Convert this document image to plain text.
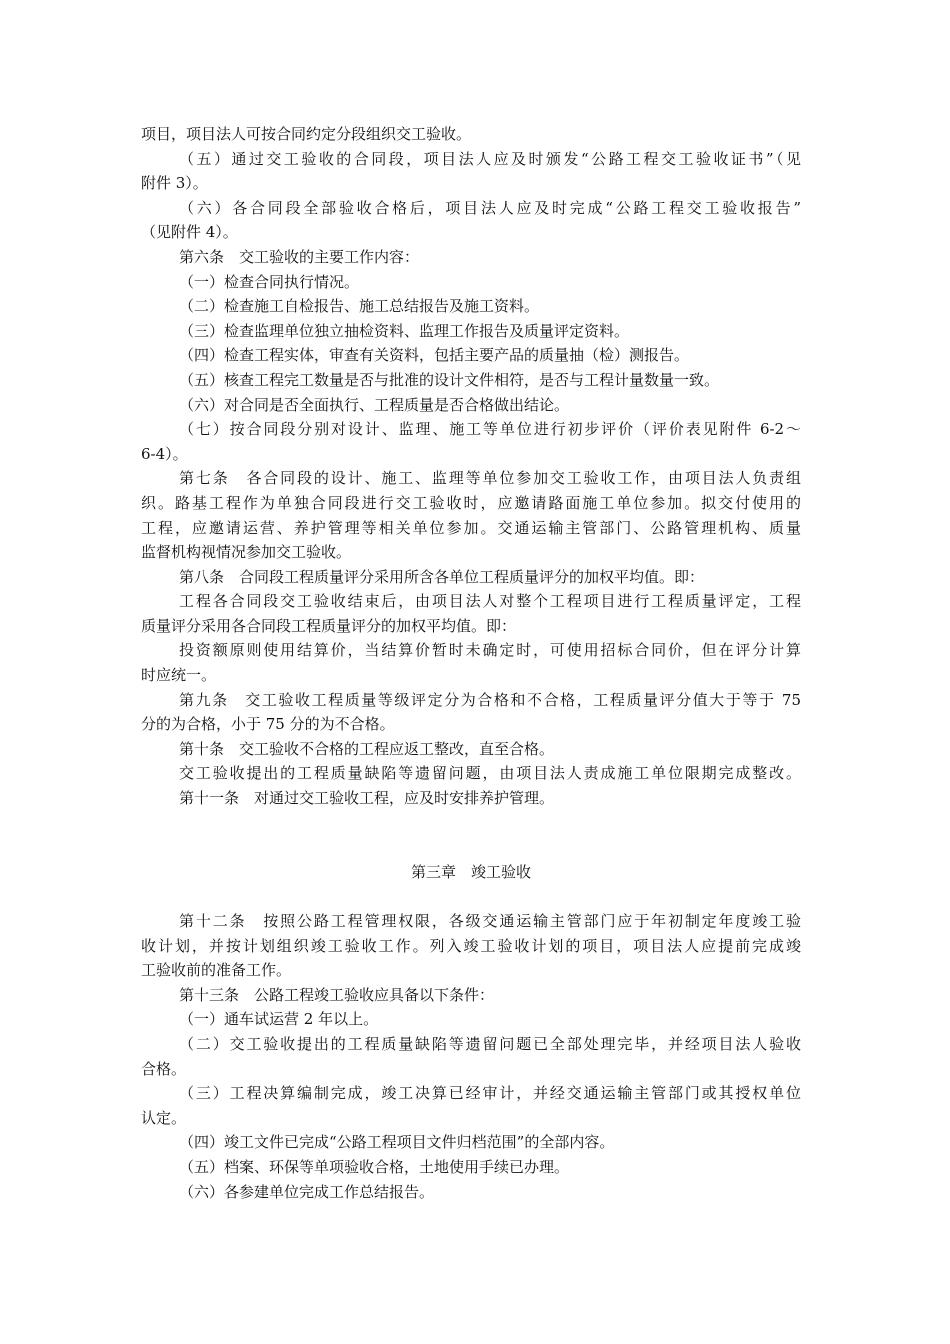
项目，项目法人可按合同约定分段组织交工验收。
（五）通过交工验收的合同段，项目法人应及时颁发“公路工程交工验收证书”（见
附件 3）。
（六）各合同段全部验收合格后，项目法人应及时完成“公路工程交工验收报告”
（见附件 4）。
第六条　交工验收的主要工作内容：
（一）检查合同执行情况。
（二）检查施工自检报告、施工总结报告及施工资料。
（三）检查监理单位独立抽检资料、监理工作报告及质量评定资料。
（四）检查工程实体，审查有关资料，包括主要产品的质量抽（检）测报告。
（五）核查工程完工数量是否与批准的设计文件相符，是否与工程计量数量一致。
（六）对合同是否全面执行、工程质量是否合格做出结论。
（七）按合同段分别对设计、监理、施工等单位进行初步评价（评价表见附件 6-2～
6-4）。
第七条　各合同段的设计、施工、监理等单位参加交工验收工作，由项目法人负责组
织。路基工程作为单独合同段进行交工验收时，应邀请路面施工单位参加。拟交付使用的
工程，应邀请运营、养护管理等相关单位参加。交通运输主管部门、公路管理机构、质量
监督机构视情况参加交工验收。
第八条　合同段工程质量评分采用所含各单位工程质量评分的加权平均值。即：
工程各合同段交工验收结束后，由项目法人对整个工程项目进行工程质量评定，工程
质量评分采用各合同段工程质量评分的加权平均值。即：
投资额原则使用结算价，当结算价暂时未确定时，可使用招标合同价，但在评分计算
时应统一。
第九条　交工验收工程质量等级评定分为合格和不合格，工程质量评分值大于等于 75
分的为合格，小于 75 分的为不合格。
第十条　交工验收不合格的工程应返工整改，直至合格。
交工验收提出的工程质量缺陷等遗留问题，由项目法人责成施工单位限期完成整改。
第十一条　对通过交工验收工程，应及时安排养护管理。
第三章　竣工验收
第十二条　按照公路工程管理权限，各级交通运输主管部门应于年初制定年度竣工验
收计划，并按计划组织竣工验收工作。列入竣工验收计划的项目，项目法人应提前完成竣
工验收前的准备工作。
第十三条　公路工程竣工验收应具备以下条件：
（一）通车试运营 2 年以上。
（二）交工验收提出的工程质量缺陷等遗留问题已全部处理完毕，并经项目法人验收
合格。
（三）工程决算编制完成，竣工决算已经审计，并经交通运输主管部门或其授权单位
认定。
（四）竣工文件已完成“公路工程项目文件归档范围”的全部内容。
（五）档案、环保等单项验收合格，土地使用手续已办理。
（六）各参建单位完成工作总结报告。
